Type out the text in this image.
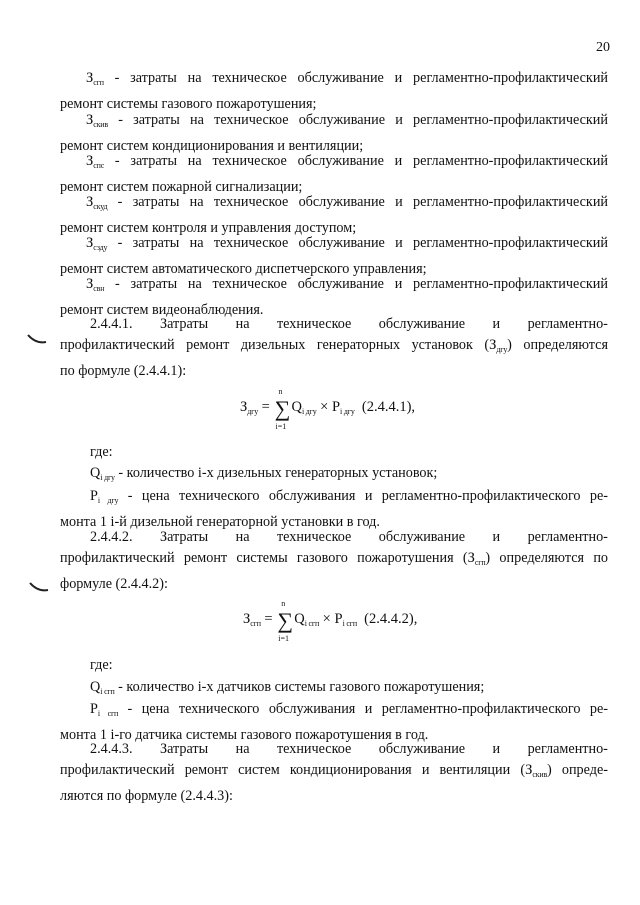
20
$З_{сгп}$ - затраты на техническое обслуживание и регламентно-профилактический
ремонт системы газового пожаротушения;
$З_{скив}$ - затраты на техническое обслуживание и регламентно-профилактический
ремонт систем кондиционирования и вентиляции;
$З_{спс}$ - затраты на техническое обслуживание и регламентно-профилактический
ремонт систем пожарной сигнализации;
$З_{скуд}$ - затраты на техническое обслуживание и регламентно-профилактический
ремонт систем контроля и управления доступом;
$З_{сзду}$ - затраты на техническое обслуживание и регламентно-профилактический
ремонт систем автоматического диспетчерского управления;
$З_{свн}$ - затраты на техническое обслуживание и регламентно-профилактический
ремонт систем видеонаблюдения.
2.4.4.1. Затраты на техническое обслуживание и регламентно-
профилактический ремонт дизельных генераторных установок $(З_{дгу})$ определяются
по формуле (2.4.4.1):
$З_{дгу}$ = ∑
n
i=1
$Q_{i дгу} \times P_{i дгу}$ (2.4.4.1),
где:
$Q_{i дгу}$ - количество i-х дизельных генераторных установок;
$P_{i дгу}$ - цена технического обслуживания и регламентно-профилактического ре-
монта 1 i-й дизельной генераторной установки в год.
2.4.4.2. Затраты на техническое обслуживание и регламентно-
профилактический ремонт системы газового пожаротушения $(З_{сгп})$ определяются по
формуле (2.4.4.2):
$З_{сгп}$ = ∑
n
i=1
$Q_{i сгп} \times P_{i сгп}$ (2.4.4.2),
где:
$Q_{i сгп}$ - количество i-х датчиков системы газового пожаротушения;
$P_{i сгп}$ - цена технического обслуживания и регламентно-профилактического ре-
монта 1 i-го датчика системы газового пожаротушения в год.
2.4.4.3. Затраты на техническое обслуживание и регламентно-
профилактический ремонт систем кондиционирования и вентиляции $(З_{скив})$ опреде-
ляются по формуле (2.4.4.3):
